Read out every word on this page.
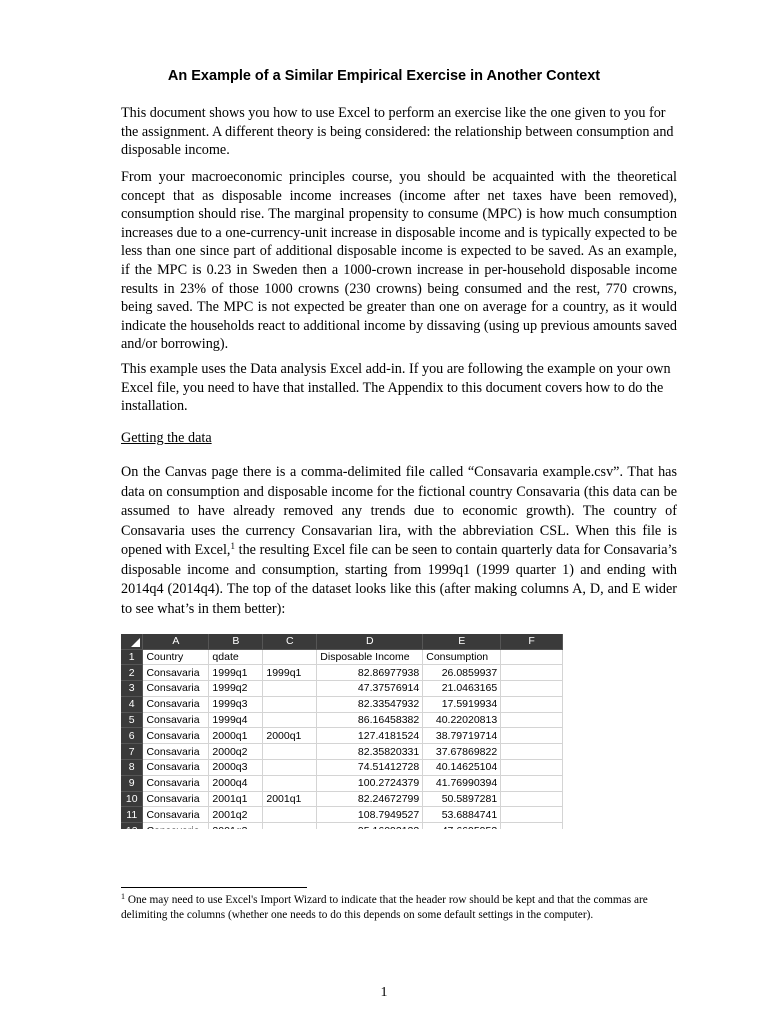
An Example of a Similar Empirical Exercise in Another Context

This document shows you how to use Excel to perform an exercise like the one given to you for the assignment. A different theory is being considered: the relationship between consumption and disposable income.

From your macroeconomic principles course, you should be acquainted with the theoretical concept that as disposable income increases (income after net taxes have been removed), consumption should rise. The marginal propensity to consume (MPC) is how much consumption increases due to a one-currency-unit increase in disposable income and is typically expected to be less than one since part of additional disposable income is expected to be saved. As an example, if the MPC is 0.23 in Sweden then a 1000-crown increase in per-household disposable income results in 23% of those 1000 crowns (230 crowns) being consumed and the rest, 770 crowns, being saved. The MPC is not expected be greater than one on average for a country, as it would indicate the households react to additional income by dissaving (using up previous amounts saved and/or borrowing).

This example uses the Data analysis Excel add-in. If you are following the example on your own Excel file, you need to have that installed. The Appendix to this document covers how to do the installation.

Getting the data

On the Canvas page there is a comma-delimited file called “Consavaria example.csv”. That has data on consumption and disposable income for the fictional country Consavaria (this data can be assumed to have already removed any trends due to economic growth). The country of Consavaria uses the currency Consavarian lira, with the abbreviation CSL. When this file is opened with Excel,$^1$ the resulting Excel file can be seen to contain quarterly data for Consavaria’s disposable income and consumption, starting from 1999q1 (1999 quarter 1) and ending with 2014q4 (2014q4). The top of the dataset looks like this (after making columns A, D, and E wider to see what’s in them better):

	A	B	C	D	E	F
1	Country	qdate		Disposable Income	Consumption	
2	Consavaria	1999q1	1999q1	82.86977938	26.0859937	
3	Consavaria	1999q2		47.37576914	21.0463165	
4	Consavaria	1999q3		82.33547932	17.5919934	
5	Consavaria	1999q4		86.16458382	40.22020813	
6	Consavaria	2000q1	2000q1	127.4181524	38.79719714	
7	Consavaria	2000q2		82.35820331	37.67869822	
8	Consavaria	2000q3		74.51412728	40.14625104	
9	Consavaria	2000q4		100.2724379	41.76990394	
10	Consavaria	2001q1	2001q1	82.24672799	50.5897281	
11	Consavaria	2001q2		108.7949527	53.6884741	

$^1$ One may need to use Excel's Import Wizard to indicate that the header row should be kept and that the commas are delimiting the columns (whether one needs to do this depends on some default settings in the computer).

1
